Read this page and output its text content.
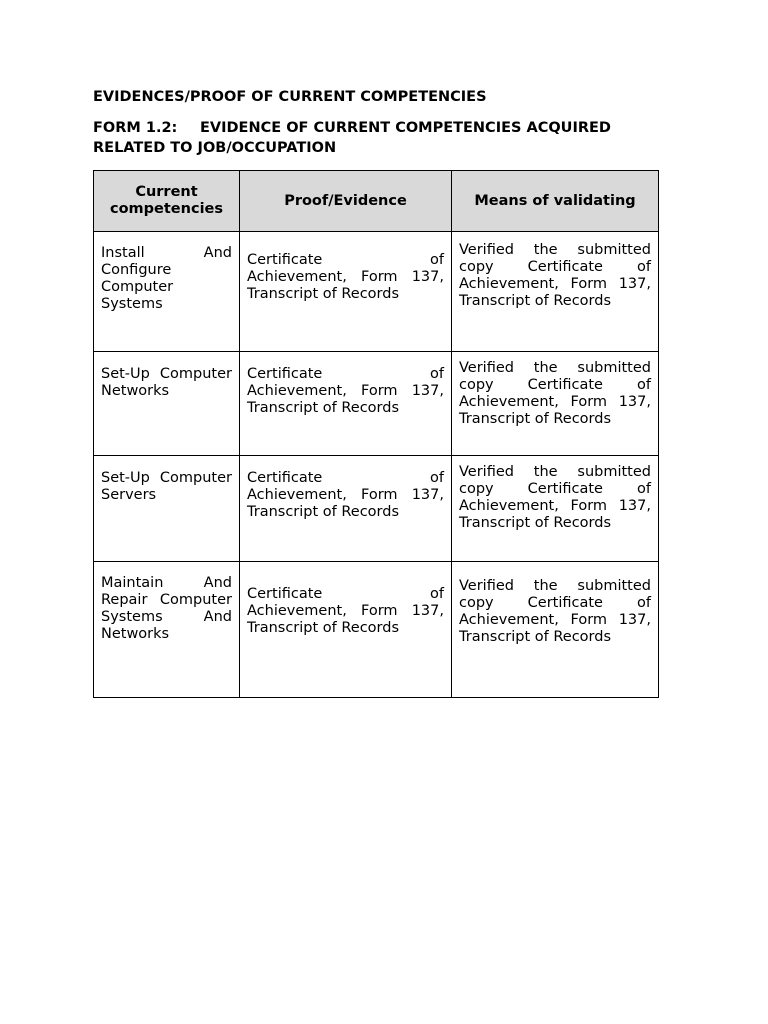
EVIDENCES/PROOF OF CURRENT COMPETENCIES
FORM 1.2: EVIDENCE OF CURRENT COMPETENCIES ACQUIRED
RELATED TO JOB/OCCUPATION
Current competencies	Proof/Evidence	Means of validating
Install And Configure Computer Systems	Certificate of Achievement, Form 137, Transcript of Records	Verified the submitted copy Certificate of Achievement, Form 137, Transcript of Records
Set-Up Computer Networks	Certificate of Achievement, Form 137, Transcript of Records	Verified the submitted copy Certificate of Achievement, Form 137, Transcript of Records
Set-Up Computer Servers	Certificate of Achievement, Form 137, Transcript of Records	Verified the submitted copy Certificate of Achievement, Form 137, Transcript of Records
Maintain And Repair Computer Systems And Networks	Certificate of Achievement, Form 137, Transcript of Records	Verified the submitted copy Certificate of Achievement, Form 137, Transcript of Records
